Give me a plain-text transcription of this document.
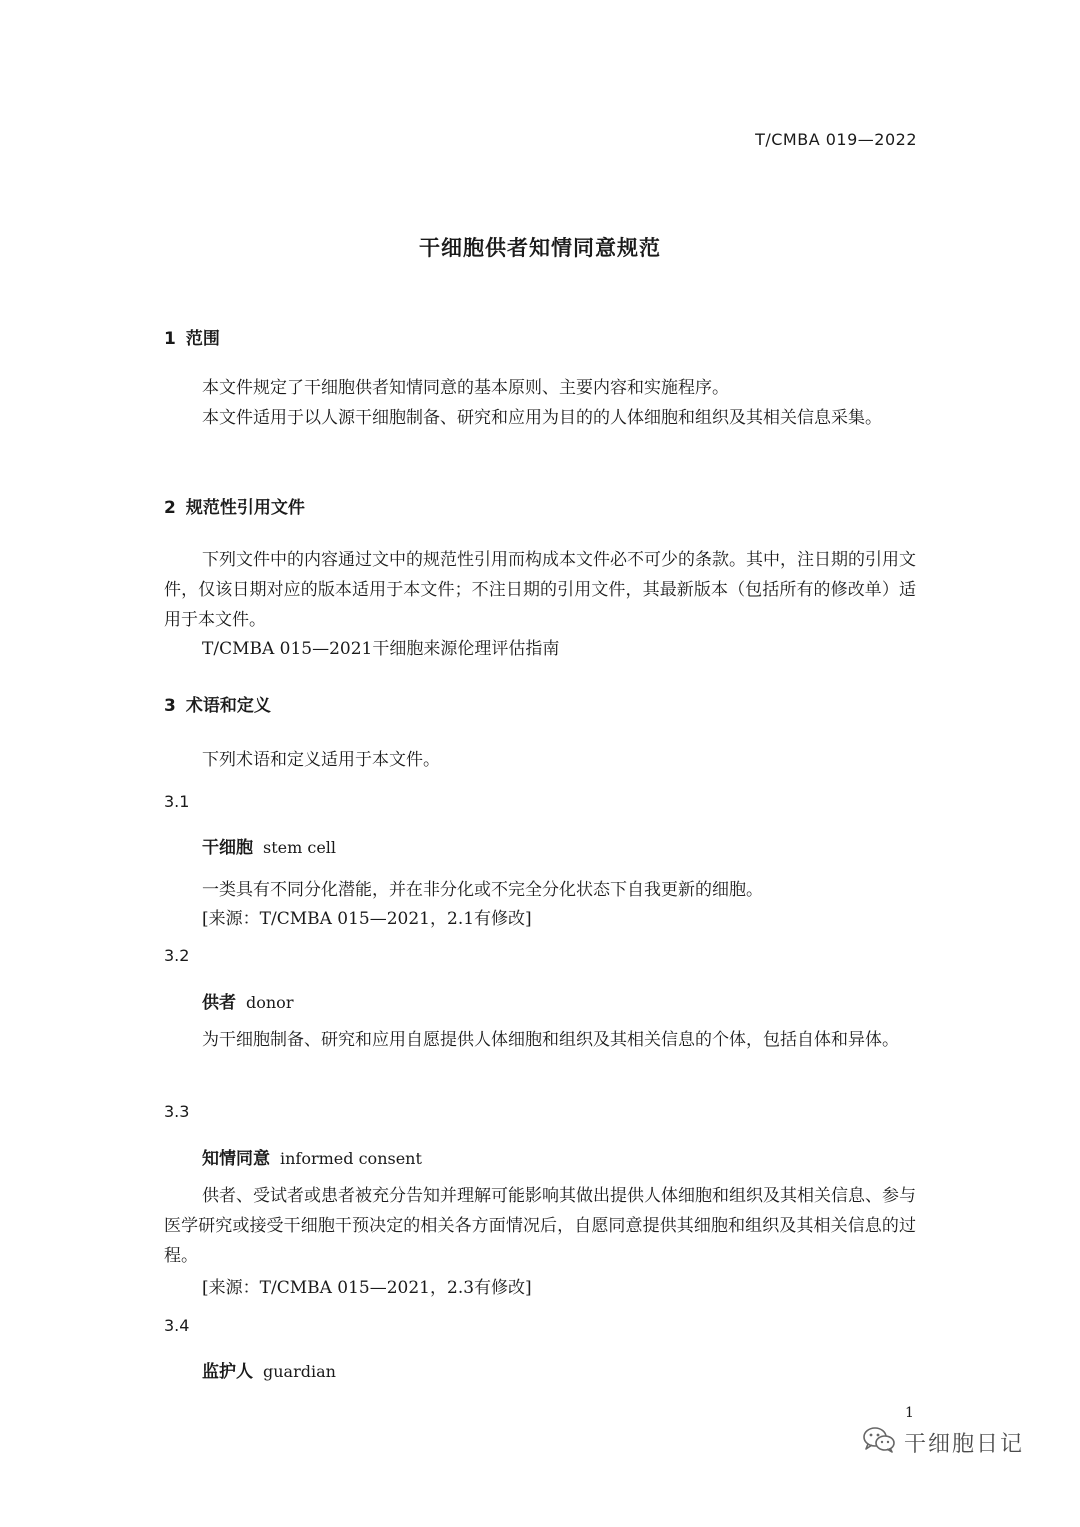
T/CMBA 019—2022
干细胞供者知情同意规范
1 范围
本文件规定了干细胞供者知情同意的基本原则、主要内容和实施程序。
本文件适用于以人源干细胞制备、研究和应用为目的的人体细胞和组织及其相关信息采集。
2 规范性引用文件
下列文件中的内容通过文中的规范性引用而构成本文件必不可少的条款。其中，注日期的引用文件，仅该日期对应的版本适用于本文件；不注日期的引用文件，其最新版本（包括所有的修改单）适用于本文件。
T/CMBA 015—2021干细胞来源伦理评估指南
3 术语和定义
下列术语和定义适用于本文件。
3.1
干细胞 stem cell
一类具有不同分化潜能，并在非分化或不完全分化状态下自我更新的细胞。
[来源：T/CMBA 015—2021，2.1有修改]
3.2
供者 donor
为干细胞制备、研究和应用自愿提供人体细胞和组织及其相关信息的个体，包括自体和异体。
3.3
知情同意 informed consent
供者、受试者或患者被充分告知并理解可能影响其做出提供人体细胞和组织及其相关信息、参与医学研究或接受干细胞干预决定的相关各方面情况后，自愿同意提供其细胞和组织及其相关信息的过程。
[来源：T/CMBA 015—2021，2.3有修改]
3.4
监护人 guardian
1
干细胞日记
